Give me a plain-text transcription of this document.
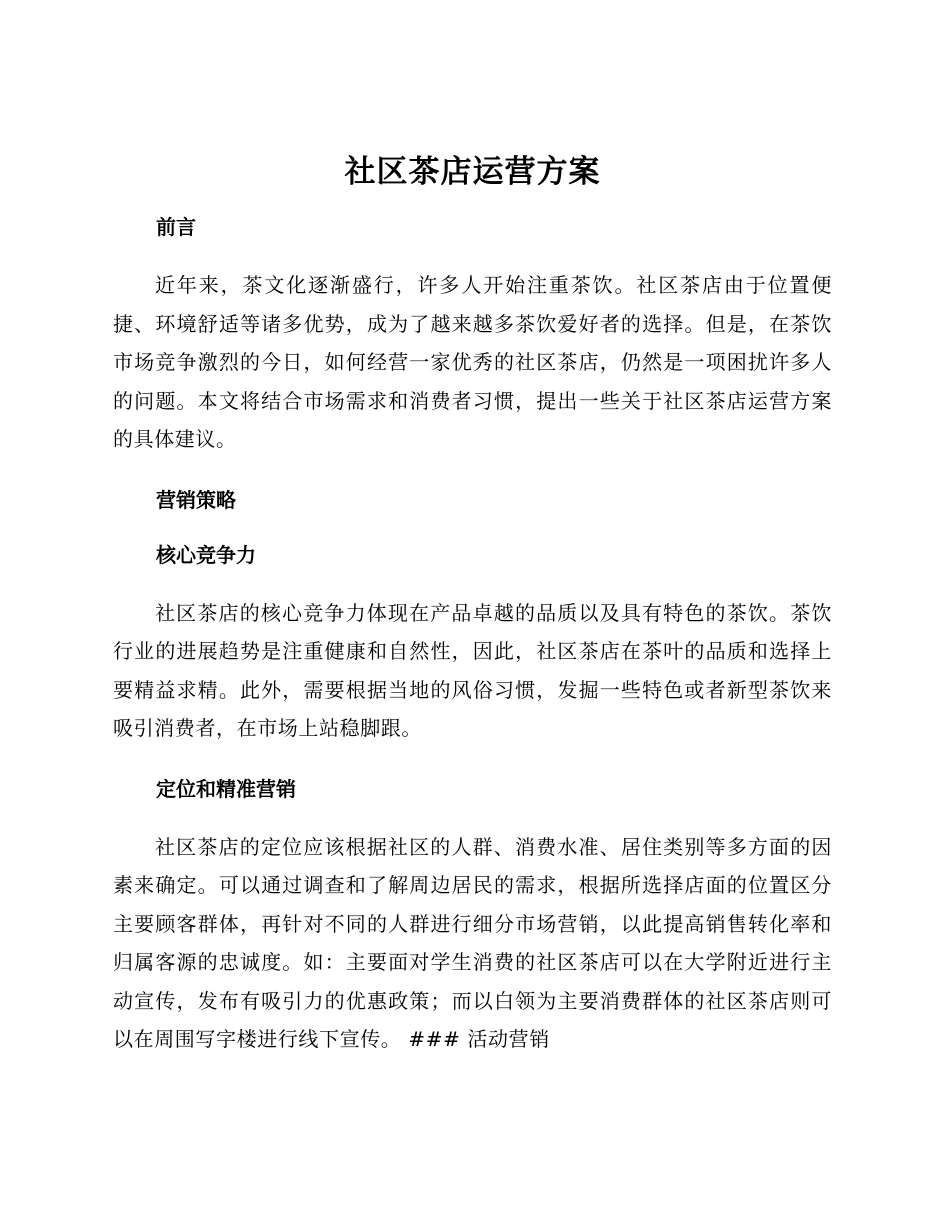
社区茶店运营方案
前言

近年来，茶文化逐渐盛行，许多人开始注重茶饮。社区茶店由于位置便捷、环境舒适等诸多优势，成为了越来越多茶饮爱好者的选择。但是，在茶饮市场竞争激烈的今日，如何经营一家优秀的社区茶店，仍然是一项困扰许多人的问题。本文将结合市场需求和消费者习惯，提出一些关于社区茶店运营方案的具体建议。

营销策略
核心竞争力

社区茶店的核心竞争力体现在产品卓越的品质以及具有特色的茶饮。茶饮行业的进展趋势是注重健康和自然性，因此，社区茶店在茶叶的品质和选择上要精益求精。此外，需要根据当地的风俗习惯，发掘一些特色或者新型茶饮来吸引消费者，在市场上站稳脚跟。

定位和精准营销

社区茶店的定位应该根据社区的人群、消费水准、居住类别等多方面的因素来确定。可以通过调查和了解周边居民的需求，根据所选择店面的位置区分主要顾客群体，再针对不同的人群进行细分市场营销，以此提高销售转化率和归属客源的忠诚度。如：主要面对学生消费的社区茶店可以在大学附近进行主动宣传，发布有吸引力的优惠政策；而以白领为主要消费群体的社区茶店则可以在周围写字楼进行线下宣传。 ### 活动营销
